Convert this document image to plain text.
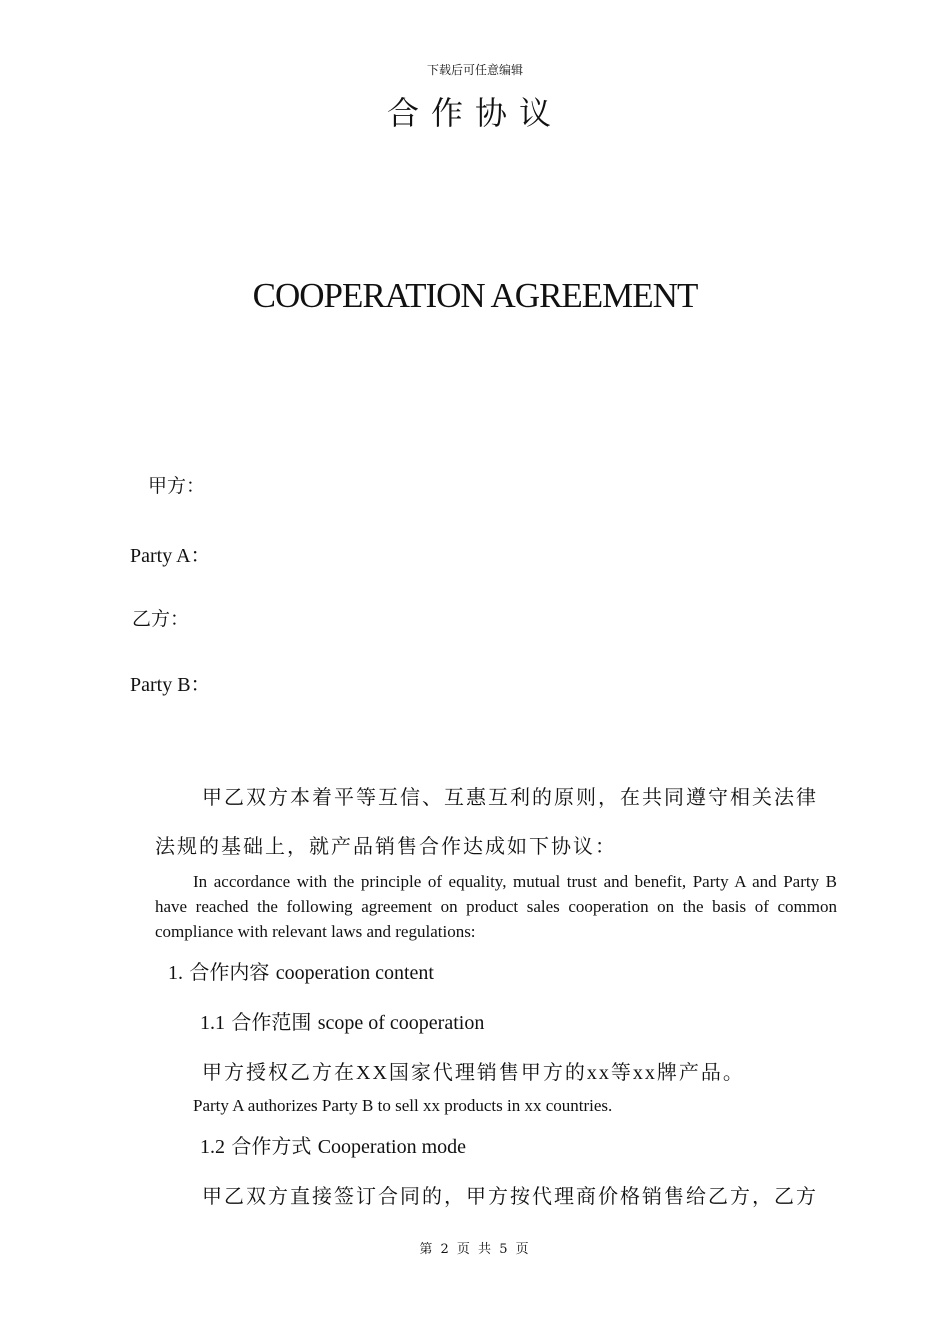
下载后可任意编辑
合作协议
COOPERATION AGREEMENT
甲方：
Party A：
乙方：
Party B：
甲乙双方本着平等互信、互惠互利的原则，在共同遵守相关法律
法规的基础上，就产品销售合作达成如下协议：
In accordance with the principle of equality, mutual trust and benefit, Party A and Party B have reached the following agreement on product sales cooperation on the basis of common compliance with relevant laws and regulations:
1. 合作内容 cooperation content
1.1 合作范围 scope of cooperation
甲方授权乙方在XX国家代理销售甲方的xx等xx牌产品。
Party A authorizes Party B to sell xx products in xx countries.
1.2 合作方式 Cooperation mode
甲乙双方直接签订合同的，甲方按代理商价格销售给乙方，乙方
第 2 页 共 5 页
